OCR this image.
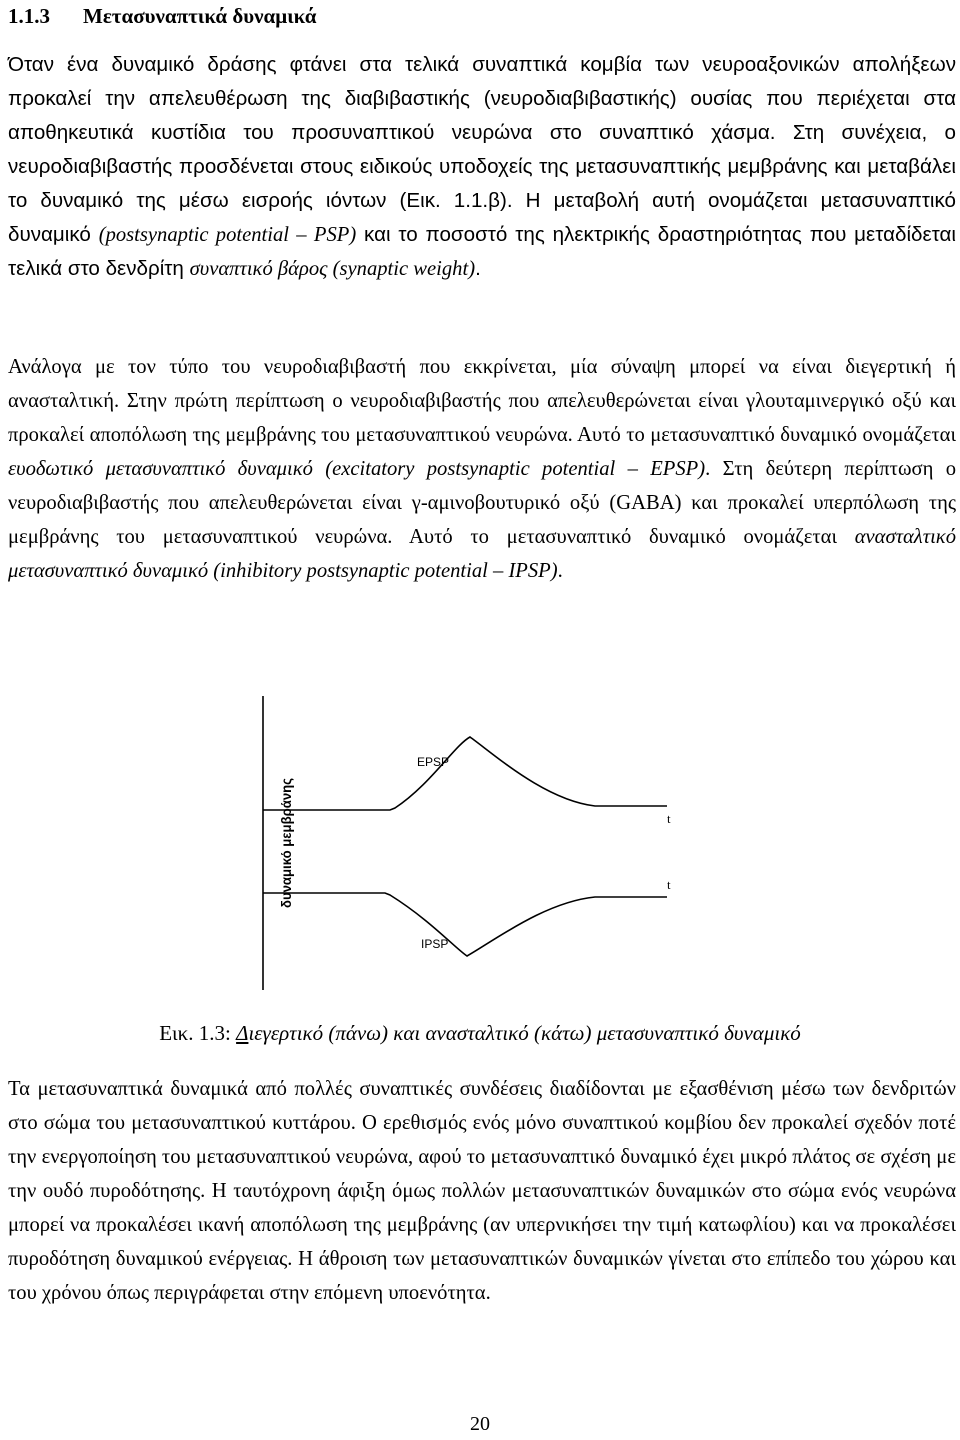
1.1.3 Μετασυναπτικά δυναμικά

Όταν ένα δυναμικό δράσης φτάνει στα τελικά συναπτικά κομβία των νευροαξονικών απολήξεων προκαλεί την απελευθέρωση της διαβιβαστικής (νευροδιαβιβαστικής) ουσίας που περιέχεται στα αποθηκευτικά κυστίδια του προσυναπτικού νευρώνα στο συναπτικό χάσμα. Στη συνέχεια, ο νευροδιαβιβαστής προσδένεται στους ειδικούς υποδοχείς της μετασυναπτικής μεμβράνης και μεταβάλει το δυναμικό της μέσω εισροής ιόντων (Εικ. 1.1.β). Η μεταβολή αυτή ονομάζεται μετασυναπτικό δυναμικό (postsynaptic potential – PSP) και το ποσοστό της ηλεκτρικής δραστηριότητας που μεταδίδεται τελικά στο δενδρίτη συναπτικό βάρος (synaptic weight).

Ανάλογα με τον τύπο του νευροδιαβιβαστή που εκκρίνεται, μία σύναψη μπορεί να είναι διεγερτική ή ανασταλτική. Στην πρώτη περίπτωση ο νευροδιαβιβαστής που απελευθερώνεται είναι γλουταμινεργικό οξύ και προκαλεί αποπόλωση της μεμβράνης του μετασυναπτικού νευρώνα. Αυτό το μετασυναπτικό δυναμικό ονομάζεται ευοδωτικό μετασυναπτικό δυναμικό (excitatory postsynaptic potential – EPSP). Στη δεύτερη περίπτωση ο νευροδιαβιβαστής που απελευθερώνεται είναι γ-αμινοβουτυρικό οξύ (GABA) και προκαλεί υπερπόλωση της μεμβράνης του μετασυναπτικού νευρώνα. Αυτό το μετασυναπτικό δυναμικό ονομάζεται ανασταλτικό μετασυναπτικό δυναμικό (inhibitory postsynaptic potential – IPSP).

δυναμικό μεμβράνης
EPSP
t
t
IPSP
Εικ. 1.3: Διεγερτικό (πάνω) και ανασταλτικό (κάτω) μετασυναπτικό δυναμικό

Τα μετασυναπτικά δυναμικά από πολλές συναπτικές συνδέσεις διαδίδονται με εξασθένιση μέσω των δενδριτών στο σώμα του μετασυναπτικού κυττάρου. Ο ερεθισμός ενός μόνο συναπτικού κομβίου δεν προκαλεί σχεδόν ποτέ την ενεργοποίηση του μετασυναπτικού νευρώνα, αφού το μετασυναπτικό δυναμικό έχει μικρό πλάτος σε σχέση με την ουδό πυροδότησης. Η ταυτόχρονη άφιξη όμως πολλών μετασυναπτικών δυναμικών στο σώμα ενός νευρώνα μπορεί να προκαλέσει ικανή αποπόλωση της μεμβράνης (αν υπερνικήσει την τιμή κατωφλίου) και να προκαλέσει πυροδότηση δυναμικού ενέργειας. Η άθροιση των μετασυναπτικών δυναμικών γίνεται στο επίπεδο του χώρου και του χρόνου όπως περιγράφεται στην επόμενη υποενότητα.

20
